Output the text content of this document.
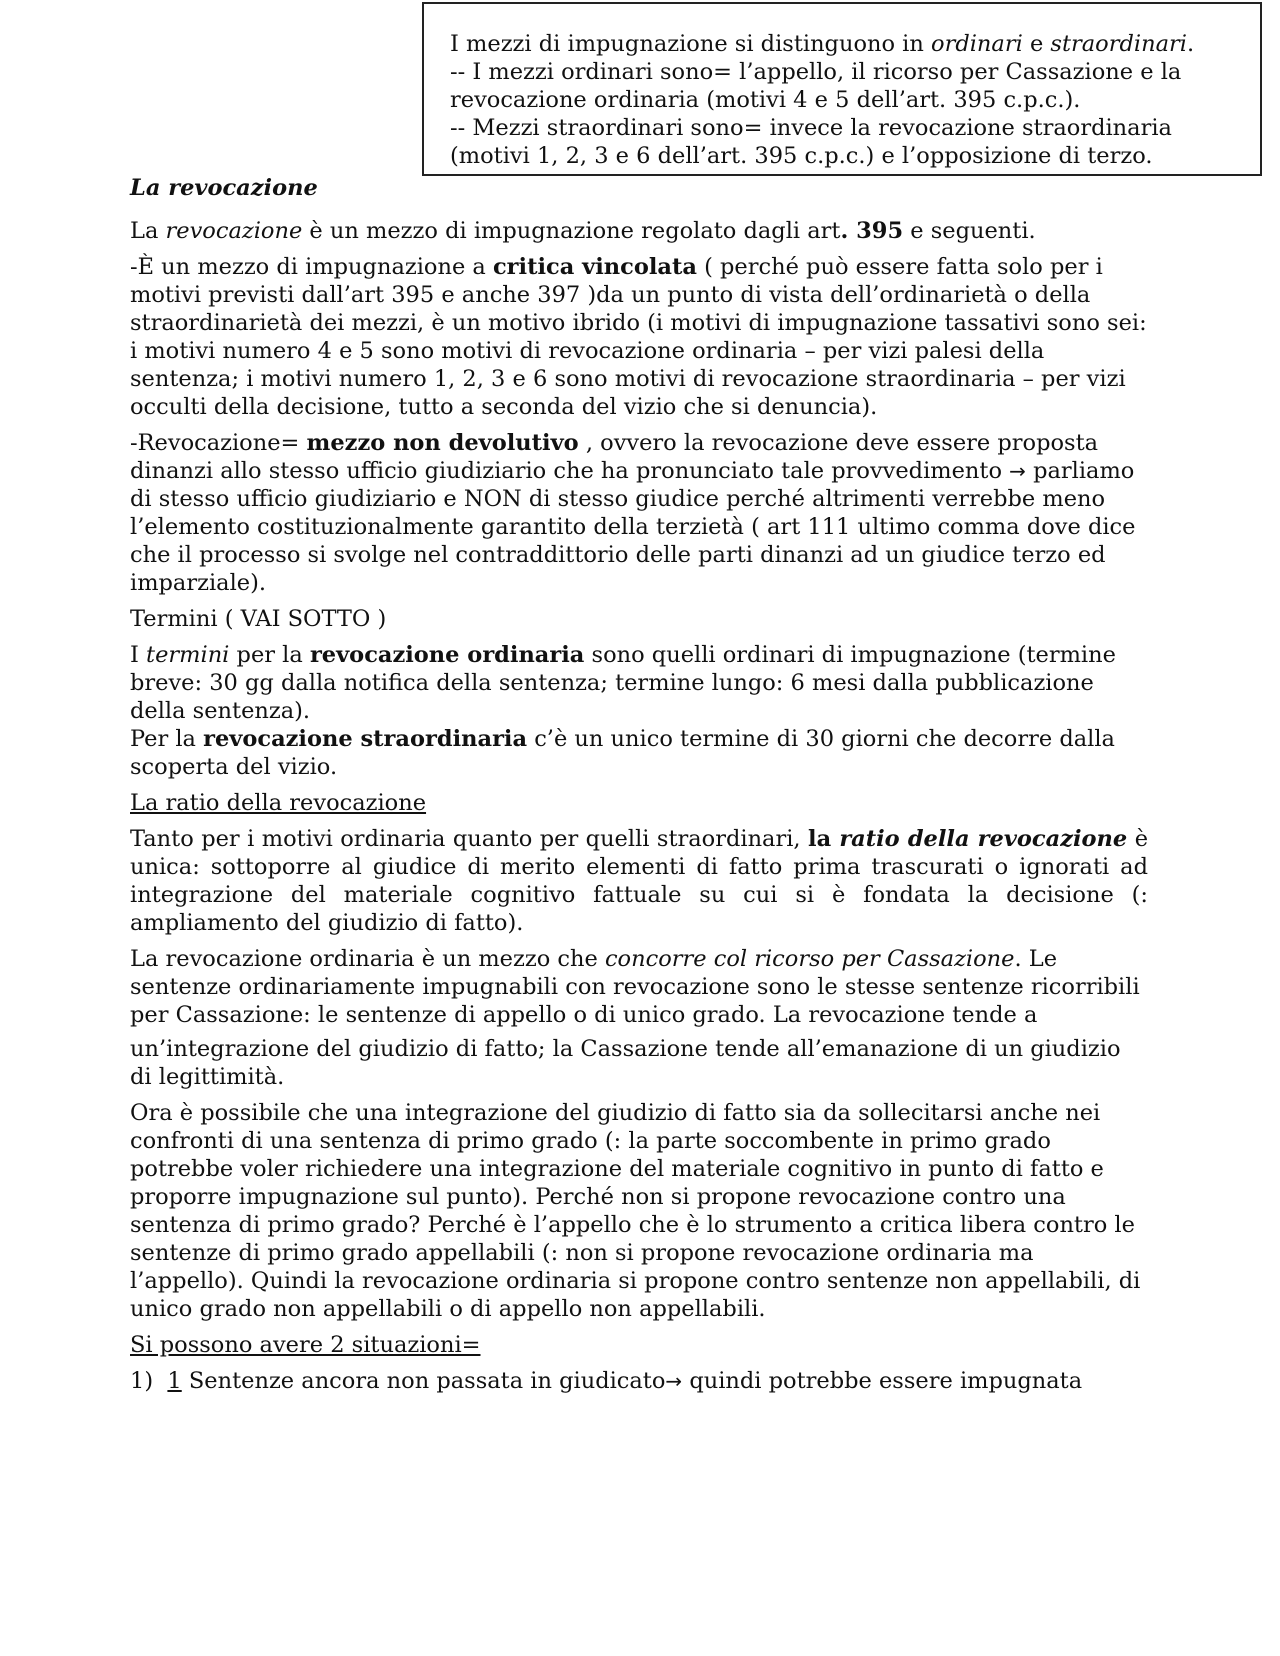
I mezzi di impugnazione si distinguono in ordinari e straordinari.

-- I mezzi ordinari sono= l’appello, il ricorso per Cassazione e la revocazione ordinaria (motivi 4 e 5 dell’art. 395 c.p.c.).

-- Mezzi straordinari sono= invece la revocazione straordinaria (motivi 1, 2, 3 e 6 dell’art. 395 c.p.c.) e l’opposizione di terzo.

La revocazione

La revocazione è un mezzo di impugnazione regolato dagli art. 395 e seguenti.

-È un mezzo di impugnazione a critica vincolata ( perché può essere fatta solo per i motivi previsti dall’art 395 e anche 397 )da un punto di vista dell’ordinarietà o della straordinarietà dei mezzi, è un motivo ibrido (i motivi di impugnazione tassativi sono sei: i motivi numero 4 e 5 sono motivi di revocazione ordinaria – per vizi palesi della sentenza; i motivi numero 1, 2, 3 e 6 sono motivi di revocazione straordinaria – per vizi occulti della decisione, tutto a seconda del vizio che si denuncia).

-Revocazione= mezzo non devolutivo , ovvero la revocazione deve essere proposta dinanzi allo stesso ufficio giudiziario che ha pronunciato tale provvedimento → parliamo di stesso ufficio giudiziario e NON di stesso giudice perché altrimenti verrebbe meno l’elemento costituzionalmente garantito della terzietà ( art 111 ultimo comma dove dice che il processo si svolge nel contraddittorio delle parti dinanzi ad un giudice terzo ed imparziale).

Termini ( VAI SOTTO )

I termini per la revocazione ordinaria sono quelli ordinari di impugnazione (termine breve: 30 gg dalla notifica della sentenza; termine lungo: 6 mesi dalla pubblicazione della sentenza).
Per la revocazione straordinaria c’è un unico termine di 30 giorni che decorre dalla scoperta del vizio.

La ratio della revocazione

Tanto per i motivi ordinaria quanto per quelli straordinari, la ratio della revocazione è unica: sottoporre al giudice di merito elementi di fatto prima trascurati o ignorati ad integrazione del materiale cognitivo fattuale su cui si è fondata la decisione (: ampliamento del giudizio di fatto).

La revocazione ordinaria è un mezzo che concorre col ricorso per Cassazione. Le sentenze ordinariamente impugnabili con revocazione sono le stesse sentenze ricorribili per Cassazione: le sentenze di appello o di unico grado. La revocazione tende a
un’integrazione del giudizio di fatto; la Cassazione tende all’emanazione di un giudizio di legittimità.

Ora è possibile che una integrazione del giudizio di fatto sia da sollecitarsi anche nei confronti di una sentenza di primo grado (: la parte soccombente in primo grado potrebbe voler richiedere una integrazione del materiale cognitivo in punto di fatto e proporre impugnazione sul punto). Perché non si propone revocazione contro una sentenza di primo grado? Perché è l’appello che è lo strumento a critica libera contro le sentenze di primo grado appellabili (: non si propone revocazione ordinaria ma l’appello). Quindi la revocazione ordinaria si propone contro sentenze non appellabili, di unico grado non appellabili o di appello non appellabili.

Si possono avere 2 situazioni=

1) 1 Sentenze ancora non passata in giudicato→ quindi potrebbe essere impugnata
